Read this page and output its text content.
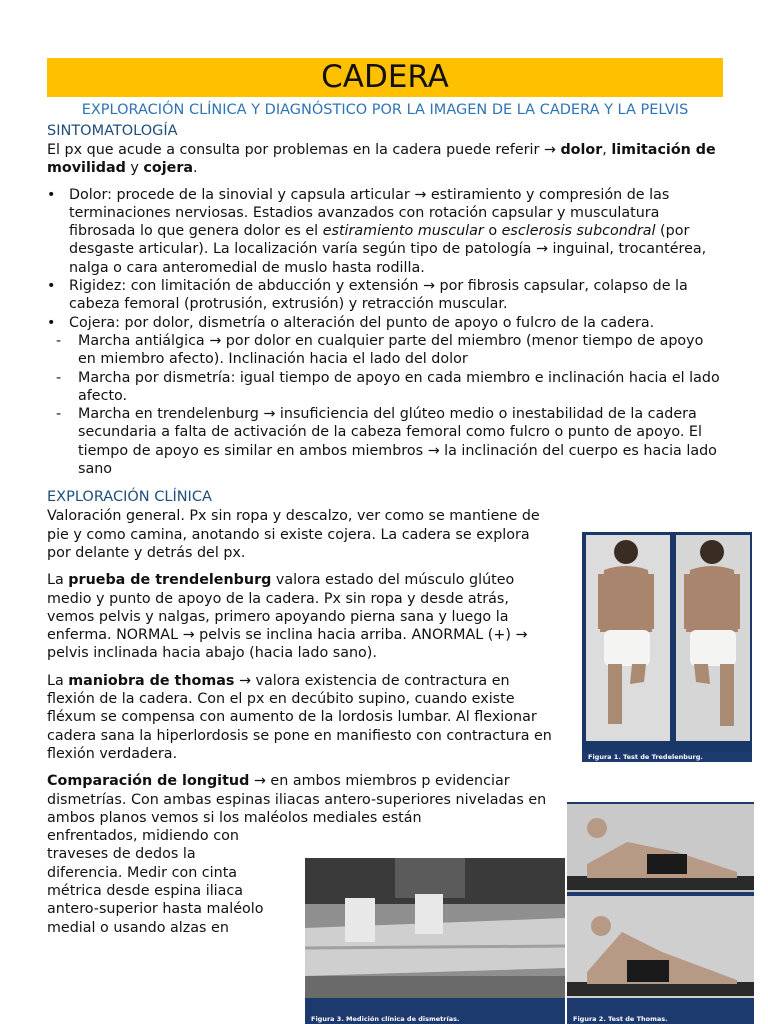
CADERA
EXPLORACIÓN CLÍNICA Y DIAGNÓSTICO POR LA IMAGEN DE LA CADERA Y LA PELVIS
SINTOMATOLOGÍA

El px que acude a consulta por problemas en la cadera puede referir → dolor, limitación de movilidad y cojera.

• Dolor: procede de la sinovial y capsula articular → estiramiento y compresión de las terminaciones nerviosas. Estadios avanzados con rotación capsular y musculatura fibrosada lo que genera dolor es el estiramiento muscular o esclerosis subcondral (por desgaste articular). La localización varía según tipo de patología → inguinal, trocantérea, nalga o cara anteromedial de muslo hasta rodilla.
• Rigidez: con limitación de abducción y extensión → por fibrosis capsular, colapso de la cabeza femoral (protrusión, extrusión) y retracción muscular.
• Cojera: por dolor, dismetría o alteración del punto de apoyo o fulcro de la cadera.
- Marcha antiálgica → por dolor en cualquier parte del miembro (menor tiempo de apoyo en miembro afecto). Inclinación hacia el lado del dolor
- Marcha por dismetría: igual tiempo de apoyo en cada miembro e inclinación hacia el lado afecto.
- Marcha en trendelenburg → insuficiencia del glúteo medio o inestabilidad de la cadera secundaria a falta de activación de la cabeza femoral como fulcro o punto de apoyo. El tiempo de apoyo es similar en ambos miembros → la inclinación del cuerpo es hacia lado sano
EXPLORACIÓN CLÍNICA

Valoración general. Px sin ropa y descalzo, ver como se mantiene de pie y como camina, anotando si existe cojera. La cadera se explora por delante y detrás del px.

La prueba de trendelenburg valora estado del músculo glúteo medio y punto de apoyo de la cadera. Px sin ropa y desde atrás, vemos pelvis y nalgas, primero apoyando pierna sana y luego la enferma. NORMAL → pelvis se inclina hacia arriba. ANORMAL (+) → pelvis inclinada hacia abajo (hacia lado sano).

La maniobra de thomas → valora existencia de contractura en flexión de la cadera. Con el px en decúbito supino, cuando existe fléxum se compensa con aumento de la lordosis lumbar. Al flexionar cadera sana la hiperlordosis se pone en manifiesto con contractura en flexión verdadera.

Comparación de longitud → en ambos miembros p evidenciar dismetrías. Con ambas espinas iliacas antero-superiores niveladas en ambos planos vemos si los maléolos mediales están

enfrentados, midiendo con

traveses de dedos la

diferencia. Medir con cinta

métrica desde espina iliaca

antero-superior hasta maléolo

medial o usando alzas en

Figura 1. Test de Tredelenburg.
Figura 2. Test de Thomas.
Figura 3. Medición clínica de dismetrías.
